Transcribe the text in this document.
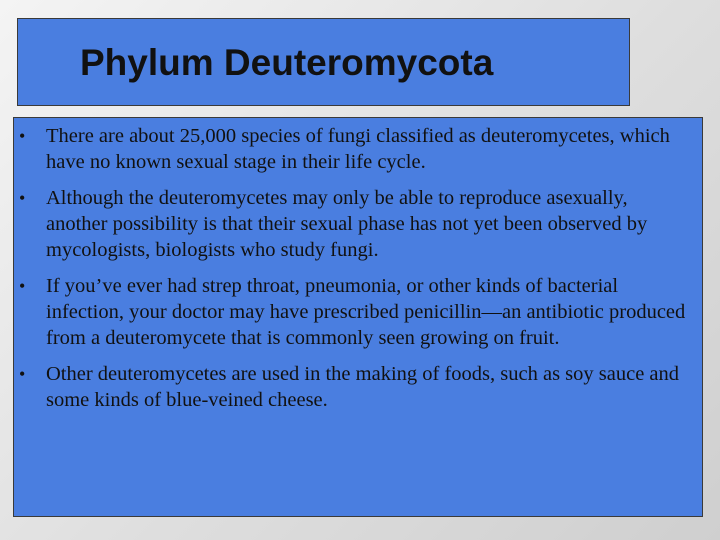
Phylum Deuteromycota
•	There are about 25,000 species of fungi classified as deuteromycetes, which have no known sexual stage in their life cycle.
•	Although the deuteromycetes may only be able to reproduce asexually, another possibility is that their sexual phase has not yet been observed by mycologists, biologists who study fungi.
•	If you’ve ever had strep throat, pneumonia, or other kinds of bacterial infection, your doctor may have prescribed penicillin—an antibiotic produced from a deuteromycete that is commonly seen growing on fruit.
•	Other deuteromycetes are used in the making of foods, such as soy sauce and some kinds of blue-veined cheese.
